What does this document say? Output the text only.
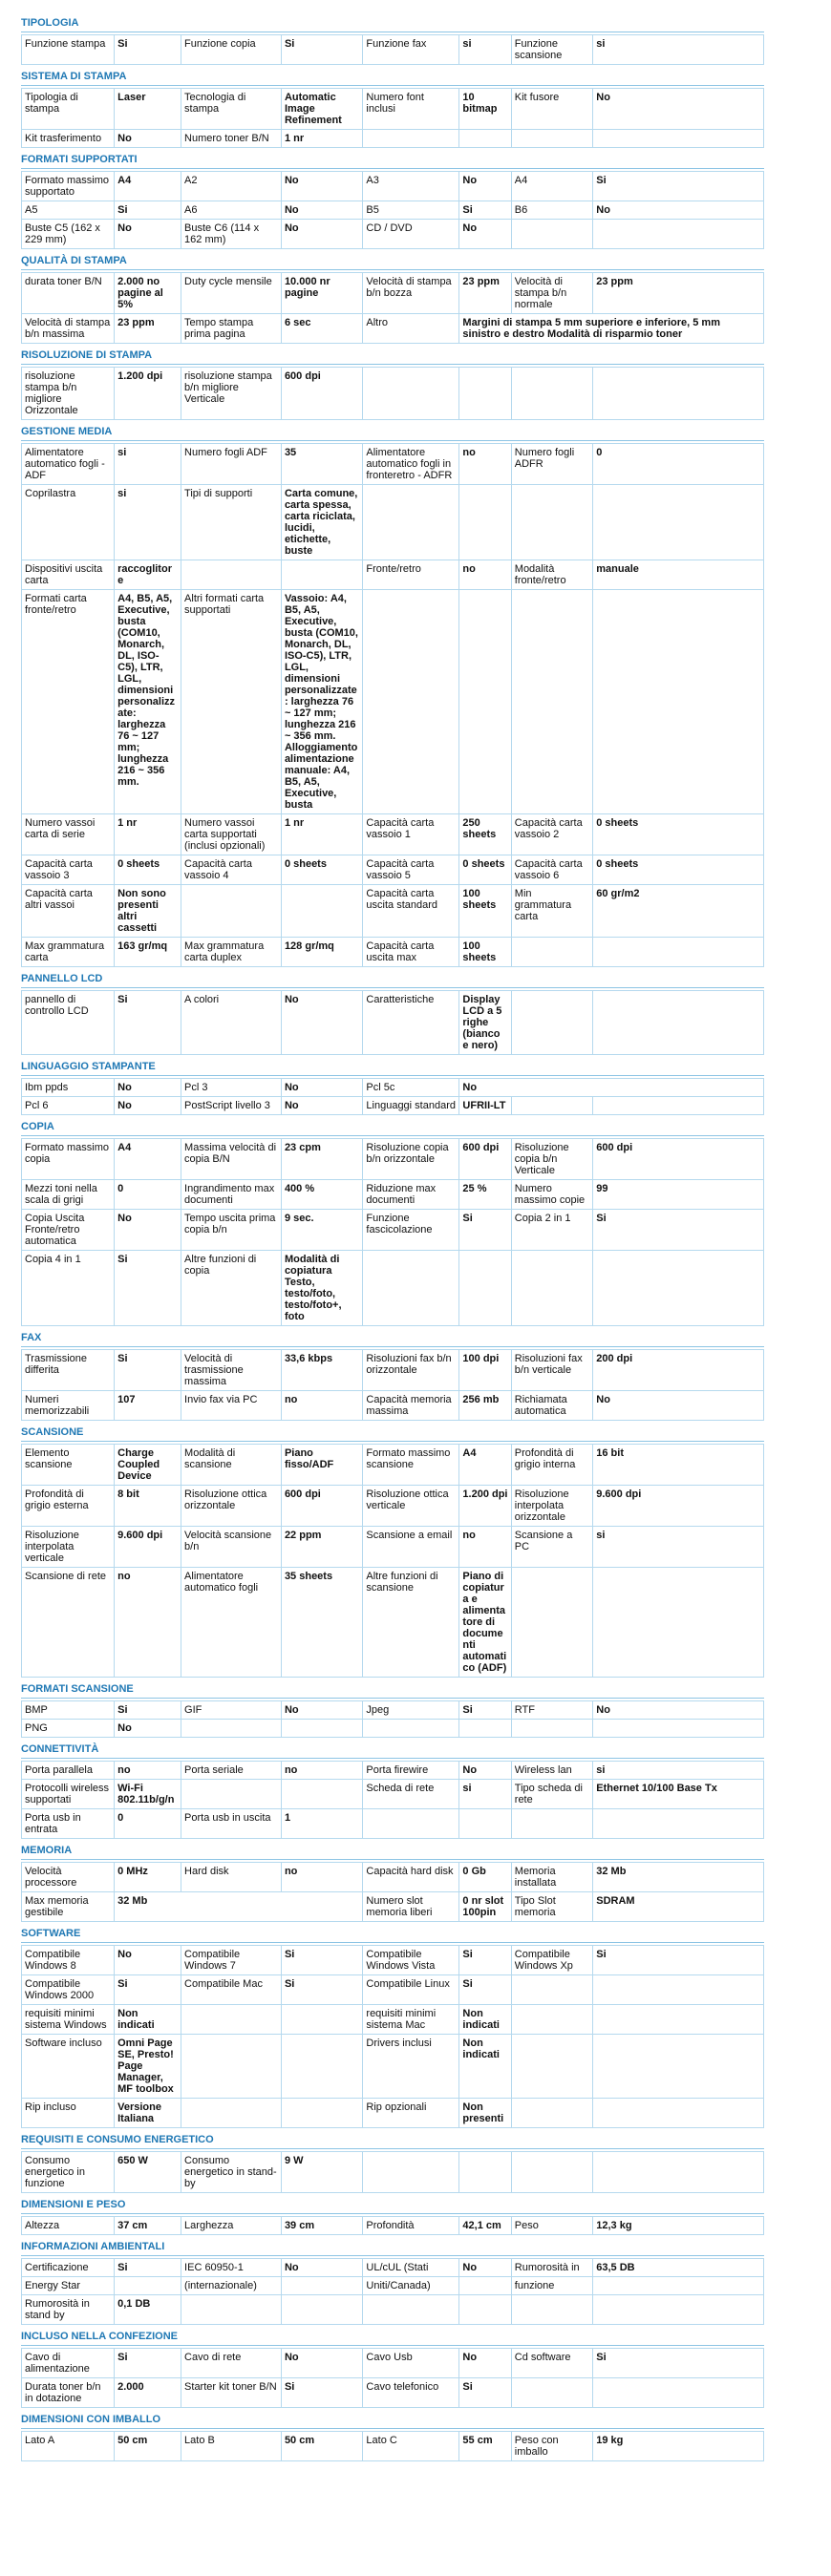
TIPOLOGIA
Funzione stampa	Si	Funzione copia	Si	Funzione fax	si	Funzione scansione	si
SISTEMA DI STAMPA
Tipologia di stampa	Laser	Tecnologia di stampa	Automatic Image Refinement	Numero font inclusi	10 bitmap	Kit fusore	No
Kit trasferimento	No	Numero toner B/N	1 nr				
FORMATI SUPPORTATI
Formato massimo supportato	A4	A2	No	A3	No	A4	Si
A5	Si	A6	No	B5	Si	B6	No
Buste C5 (162 x 229 mm)	No	Buste C6 (114 x 162 mm)	No	CD / DVD	No		
QUALITÀ DI STAMPA
durata toner B/N	2.000 no pagine al 5%	Duty cycle mensile	10.000 nr pagine	Velocità di stampa b/n bozza	23 ppm	Velocità di stampa b/n normale	23 ppm
Velocità di stampa b/n massima	23 ppm	Tempo stampa prima pagina	6 sec	Altro	Margini di stampa 5 mm superiore e inferiore, 5 mm sinistro e destro Modalità di risparmio toner		
RISOLUZIONE DI STAMPA
risoluzione stampa b/n migliore Orizzontale	1.200 dpi	risoluzione stampa b/n migliore Verticale	600 dpi				
GESTIONE MEDIA
Alimentatore automatico fogli - ADF	si	Numero fogli ADF	35	Alimentatore automatico fogli in fronteretro - ADFR	no	Numero fogli ADFR	0
Coprilastra	si	Tipi di supporti	Carta comune, carta spessa, carta riciclata, lucidi, etichette, buste				
Dispositivi uscita carta	raccoglitore			Fronte/retro	no	Modalità fronte/retro	manuale
Formati carta fronte/retro	A4, B5, A5, Executive, busta (COM10, Monarch, DL, ISO-C5), LTR, LGL, dimensioni personalizzate: larghezza 76 ~ 127 mm; lunghezza 216 ~ 356 mm.	Altri formati carta supportati	Vassoio: A4, B5, A5, Executive, busta (COM10, Monarch, DL, ISO-C5), LTR, LGL, dimensioni personalizzate: larghezza 76 ~ 127 mm; lunghezza 216 ~ 356 mm. Alloggiamento alimentazione manuale: A4, B5, A5, Executive, busta				
Numero vassoi carta di serie	1 nr	Numero vassoi carta supportati (inclusi opzionali)	1 nr	Capacità carta vassoio 1	250 sheets	Capacità carta vassoio 2	0 sheets
Capacità carta vassoio 3	0 sheets	Capacità carta vassoio 4	0 sheets	Capacità carta vassoio 5	0 sheets	Capacità carta vassoio 6	0 sheets
Capacità carta altri vassoi	Non sono presenti altri cassetti			Capacità carta uscita standard	100 sheets	Min grammatura carta	60 gr/m2
Max grammatura carta	163 gr/mq	Max grammatura carta duplex	128 gr/mq	Capacità carta uscita max	100 sheets		
PANNELLO LCD
pannello di controllo LCD	Si	A colori	No	Caratteristiche	Display LCD a 5 righe (bianco e nero)		
LINGUAGGIO STAMPANTE
Ibm ppds	No	Pcl 3	No	Pcl 5c	No		
Pcl 6	No	PostScript livello 3	No	Linguaggi standard	UFRII-LT		
COPIA
Formato massimo copia	A4	Massima velocità di copia B/N	23 cpm	Risoluzione copia b/n orizzontale	600 dpi	Risoluzione copia b/n Verticale	600 dpi
Mezzi toni nella scala di grigi	0	Ingrandimento max documenti	400 %	Riduzione max documenti	25 %	Numero massimo copie	99
Copia Uscita Fronte/retro automatica	No	Tempo uscita prima copia b/n	9 sec.	Funzione fascicolazione	Si	Copia 2 in 1	Si
Copia 4 in 1	Si	Altre funzioni di copia	Modalità di copiatura Testo, testo/foto, testo/foto+, foto				
FAX
Trasmissione differita	Si	Velocità di trasmissione massima	33,6 kbps	Risoluzioni fax b/n orizzontale	100 dpi	Risoluzioni fax b/n verticale	200 dpi
Numeri memorizzabili	107	Invio fax via PC	no	Capacità memoria massima	256 mb	Richiamata automatica	No
SCANSIONE
Elemento scansione	Charge Coupled Device	Modalità di scansione	Piano fisso/ADF	Formato massimo scansione	A4	Profondità di grigio interna	16 bit
Profondità di grigio esterna	8 bit	Risoluzione ottica orizzontale	600 dpi	Risoluzione ottica verticale	1.200 dpi	Risoluzione interpolata orizzontale	9.600 dpi
Risoluzione interpolata verticale	9.600 dpi	Velocità scansione b/n	22 ppm	Scansione a email	no	Scansione a PC	si
Scansione di rete	no	Alimentatore automatico fogli	35 sheets	Altre funzioni di scansione	Piano di copiatura e alimentatore di documenti automatico (ADF)		
FORMATI SCANSIONE
BMP	Si	GIF	No	Jpeg	Si	RTF	No
PNG	No						
CONNETTIVITÀ
Porta parallela	no	Porta seriale	no	Porta firewire	No	Wireless lan	si
Protocolli wireless supportati	Wi-Fi 802.11b/g/n			Scheda di rete	si	Tipo scheda di rete	Ethernet 10/100 Base Tx
Porta usb in entrata	0	Porta usb in uscita	1				
MEMORIA
Velocità processore	0 MHz	Hard disk	no	Capacità hard disk	0 Gb	Memoria installata	32 Mb
Max memoria gestibile	32 Mb			Numero slot memoria liberi	0 nr slot 100pin	Tipo Slot memoria	SDRAM
SOFTWARE
Compatibile Windows 8	No	Compatibile Windows 7	Si	Compatibile Windows Vista	Si	Compatibile Windows Xp	Si
Compatibile Windows 2000	Si	Compatibile Mac	Si	Compatibile Linux	Si		
requisiti minimi sistema Windows	Non indicati			requisiti minimi sistema Mac	Non indicati		
Software incluso	Omni Page SE, Presto! Page Manager, MF toolbox			Drivers inclusi	Non indicati		
Rip incluso	Versione Italiana			Rip opzionali	Non presenti		
REQUISITI E CONSUMO ENERGETICO
Consumo energetico in funzione	650 W	Consumo energetico in stand-by	9 W				
DIMENSIONI E PESO
Altezza	37 cm	Larghezza	39 cm	Profondità	42,1 cm	Peso	12,3 kg
INFORMAZIONI AMBIENTALI
Certificazione	Si	IEC 60950-1	No	UL/cUL (Stati	No	Rumorosità in	63,5 DB
Energy Star		(internazionale)		Uniti/Canada)		funzione	
Rumorosità in stand by	0,1 DB						
INCLUSO NELLA CONFEZIONE
Cavo di alimentazione	Si	Cavo di rete	No	Cavo Usb	No	Cd software	Si
Durata toner b/n in dotazione	2.000	Starter kit toner B/N	Si	Cavo telefonico	Si		
DIMENSIONI CON IMBALLO
Lato A	50 cm	Lato B	50 cm	Lato C	55 cm	Peso con imballo	19 kg
